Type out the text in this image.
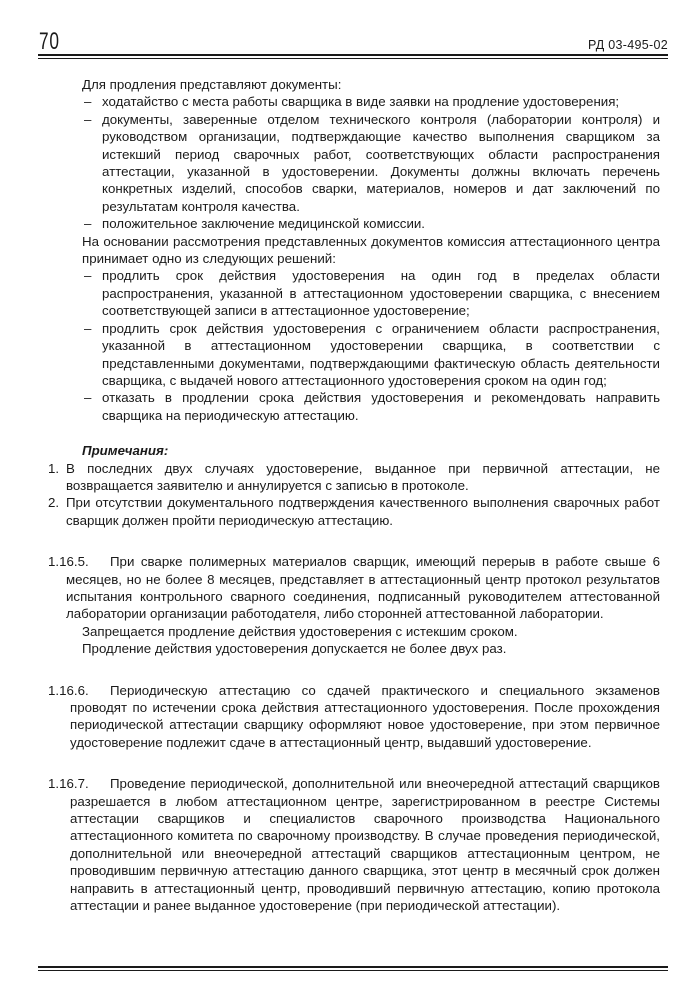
70	РД 03-495-02

Для продления представляют документы:

– ходатайство с места работы сварщика в виде заявки на продление удостоверения;

– документы, заверенные отделом технического контроля (лаборатории контроля) и руководством организации, подтверждающие качество выполнения сварщиком за истекший период сварочных работ, соответствующих области распространения аттестации, указанной в удостоверении. Документы должны включать перечень конкретных изделий, способов сварки, материалов, номеров и дат заключений по результатам контроля качества.

– положительное заключение медицинской комиссии.

На основании рассмотрения представленных документов комиссия аттестационного центра принимает одно из следующих решений:

– продлить срок действия удостоверения на один год в пределах области распространения, указанной в аттестационном удостоверении сварщика, с внесением соответствующей записи в аттестационное удостоверение;

– продлить срок действия удостоверения с ограничением области распространения, указанной в аттестационном удостоверении сварщика, в соответствии с представленными документами, подтверждающими фактическую область деятельности сварщика, с выдачей нового аттестационного удостоверения сроком на один год;

– отказать в продлении срока действия удостоверения и рекомендовать направить сварщика на периодическую аттестацию.

Примечания:

1. В последних двух случаях удостоверение, выданное при первичной аттестации, не возвращается заявителю и аннулируется с записью в протоколе.

2. При отсутствии документального подтверждения качественного выполнения сварочных работ сварщик должен пройти периодическую аттестацию.

1.16.5. При сварке полимерных материалов сварщик, имеющий перерыв в работе свыше 6 месяцев, но не более 8 месяцев, представляет в аттестационный центр протокол результатов испытания контрольного сварного соединения, подписанный руководителем аттестованной лаборатории организации работодателя, либо сторонней аттестованной лаборатории.

Запрещается продление действия удостоверения с истекшим сроком.

Продление действия удостоверения допускается не более двух раз.

1.16.6. Периодическую аттестацию со сдачей практического и специального экзаменов проводят по истечении срока действия аттестационного удостоверения. После прохождения периодической аттестации сварщику оформляют новое удостоверение, при этом первичное удостоверение подлежит сдаче в аттестационный центр, выдавший удостоверение.

1.16.7. Проведение периодической, дополнительной или внеочередной аттестаций сварщиков разрешается в любом аттестационном центре, зарегистрированном в реестре Системы аттестации сварщиков и специалистов сварочного производства Национального аттестационного комитета по сварочному производству. В случае проведения периодической, дополнительной или внеочередной аттестаций сварщиков аттестационным центром, не проводившим первичную аттестацию данного сварщика, этот центр в месячный срок должен направить в аттестационный центр, проводивший первичную аттестацию, копию протокола аттестации и ранее выданное удостоверение (при периодической аттестации).
